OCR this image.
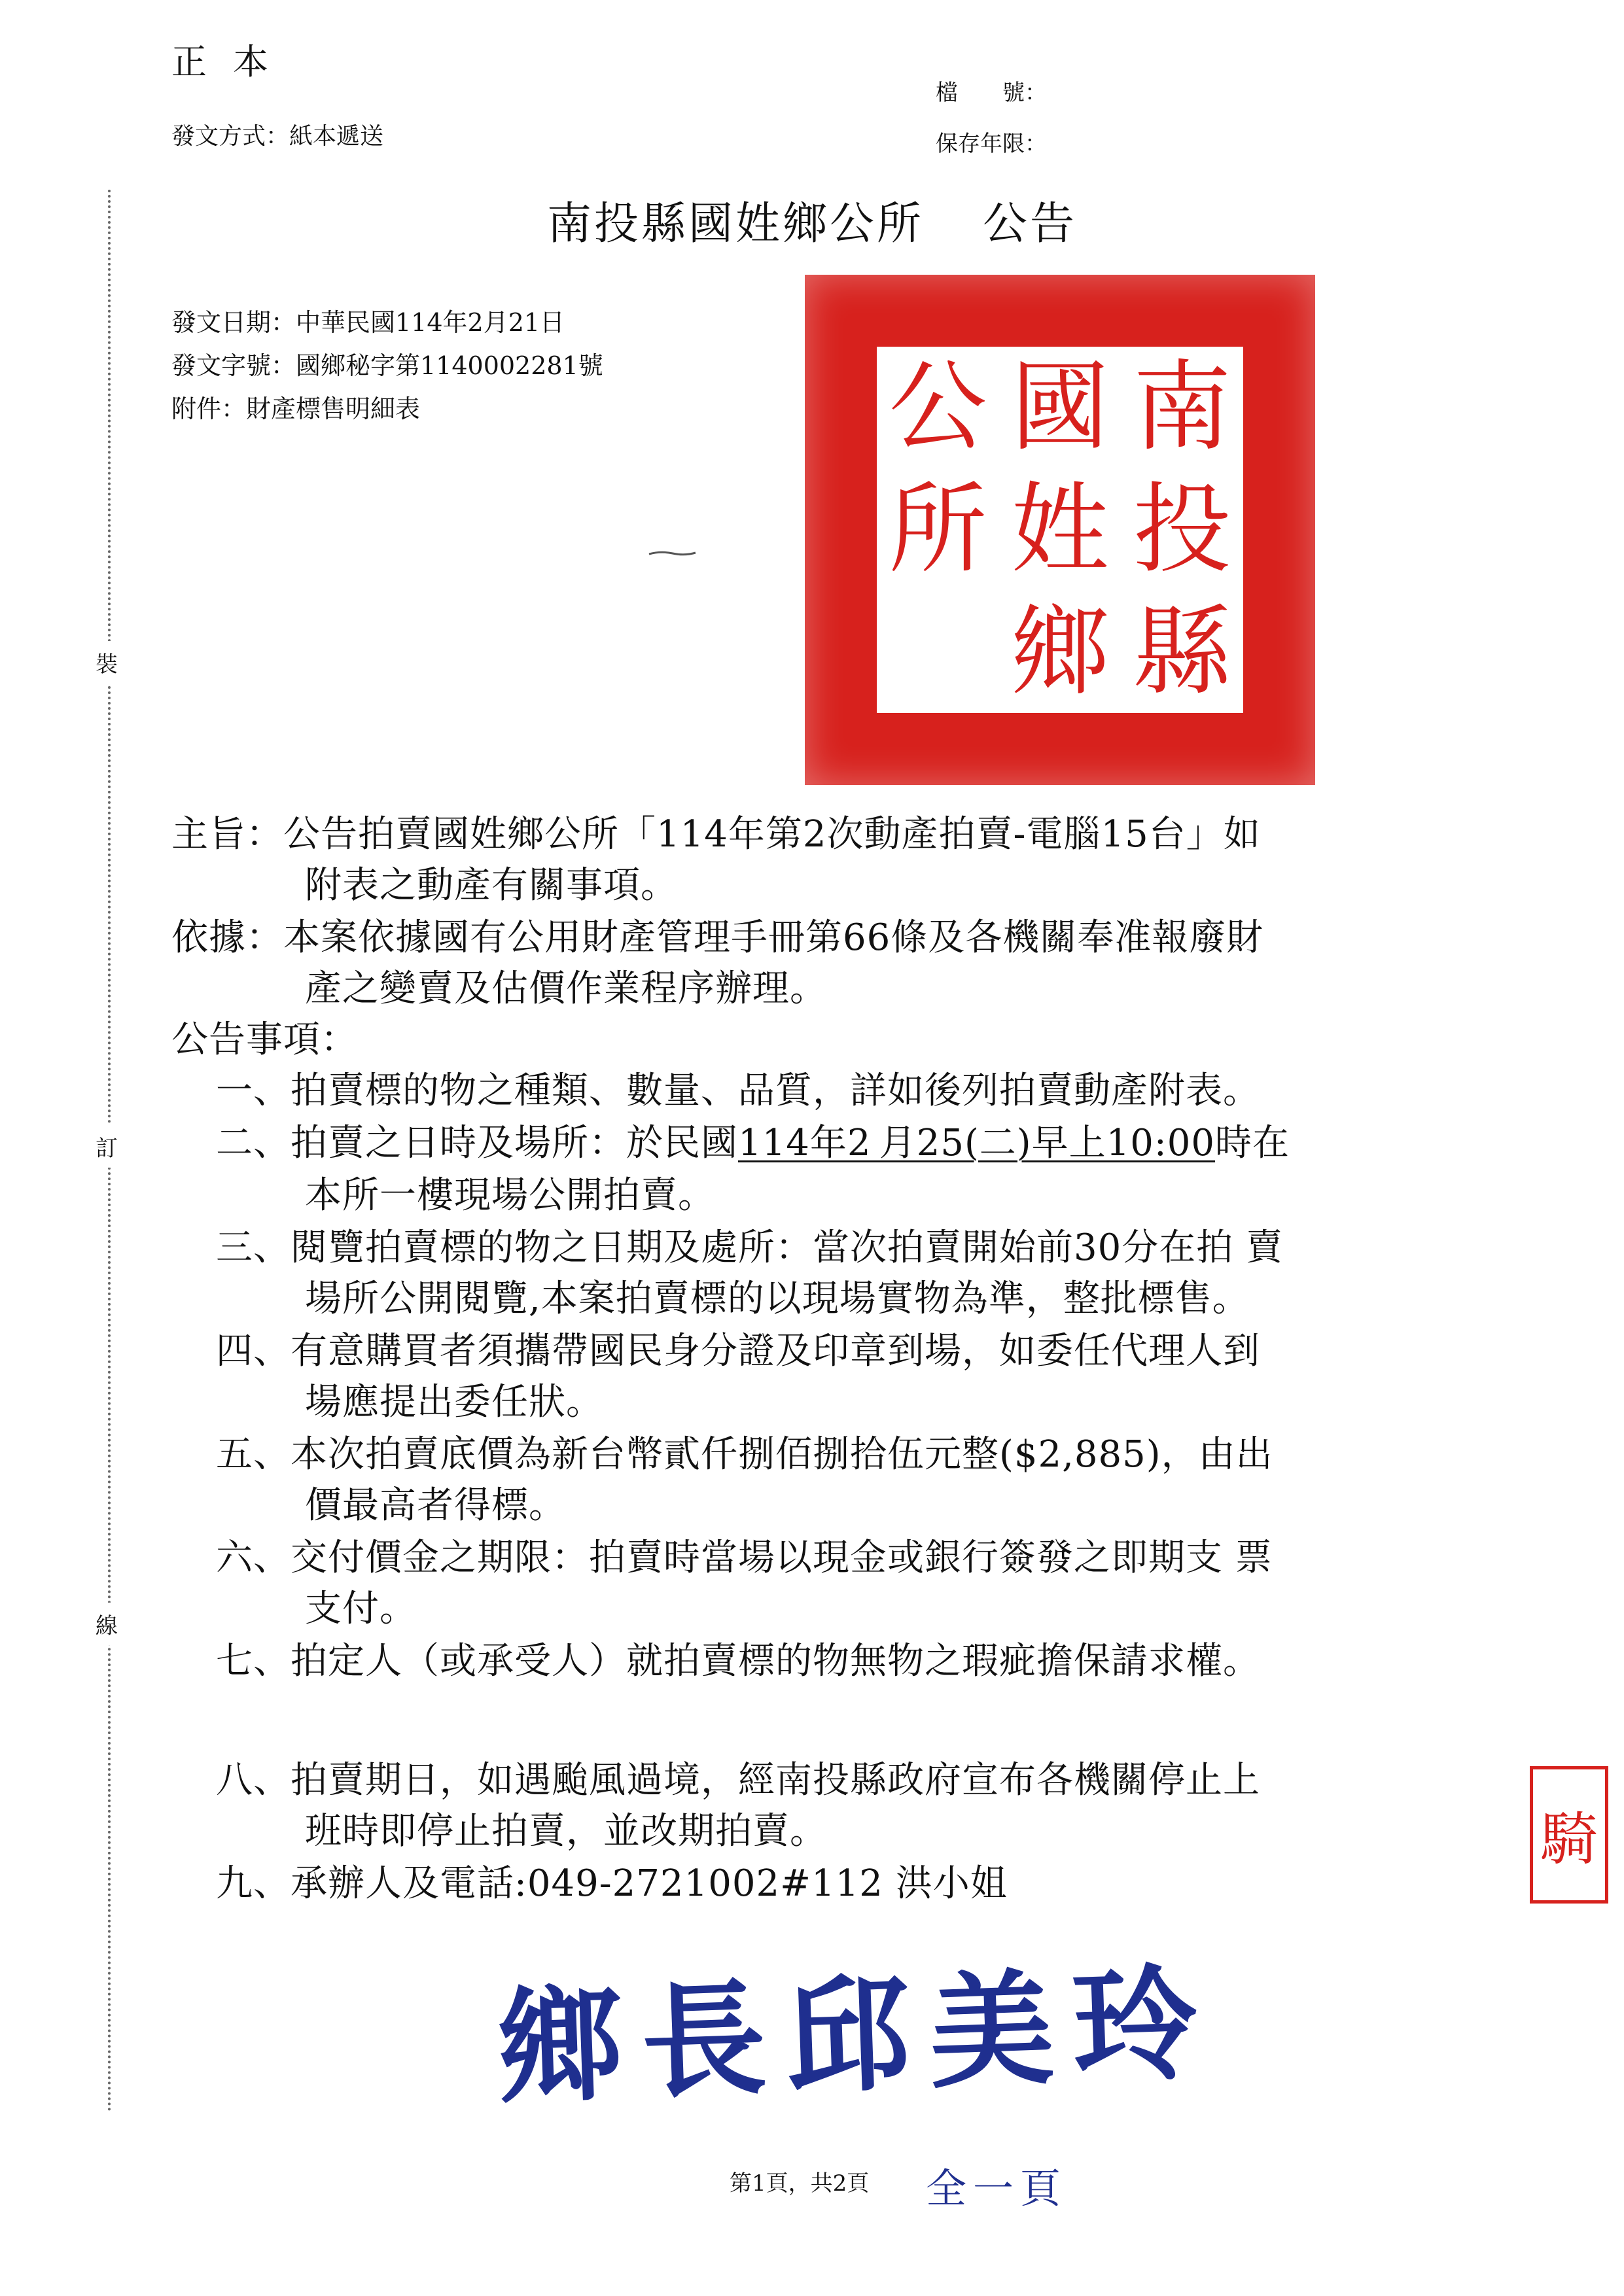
正本
發文方式：紙本遞送
檔　　號：
保存年限：
裝
訂
線
南投縣國姓鄉公所 公告
發文日期：中華民國114年2月21日
發文字號：國鄉秘字第1140002281號
附件：財產標售明細表	公 國 南
所 姓 投
鄉 縣
主旨：公告拍賣國姓鄉公所「114年第2次動產拍賣-電腦15台」如
附表之動產有關事項。
依據：本案依據國有公用財產管理手冊第66條及各機關奉准報廢財
產之變賣及估價作業程序辦理。
公告事項：
一、拍賣標的物之種類、數量、品質，詳如後列拍賣動產附表。
二、拍賣之日時及場所：於民國114年2 月25(二)早上10:00時在
本所一樓現場公開拍賣。
三、閱覽拍賣標的物之日期及處所：當次拍賣開始前30分在拍 賣
場所公開閱覽,本案拍賣標的以現場實物為準，整批標售。
四、有意購買者須攜帶國民身分證及印章到場，如委任代理人到
場應提出委任狀。
五、本次拍賣底價為新台幣貳仟捌佰捌拾伍元整($2,885)，由出
價最高者得標。
六、交付價金之期限：拍賣時當場以現金或銀行簽發之即期支 票
支付。
七、拍定人（或承受人）就拍賣標的物無物之瑕疵擔保請求權。
八、拍賣期日，如遇颱風過境，經南投縣政府宣布各機關停止上
班時即停止拍賣，並改期拍賣。
九、承辦人及電話:049-2721002#112 洪小姐
騎
鄉長邱美玲
第1頁，共2頁 全一頁
